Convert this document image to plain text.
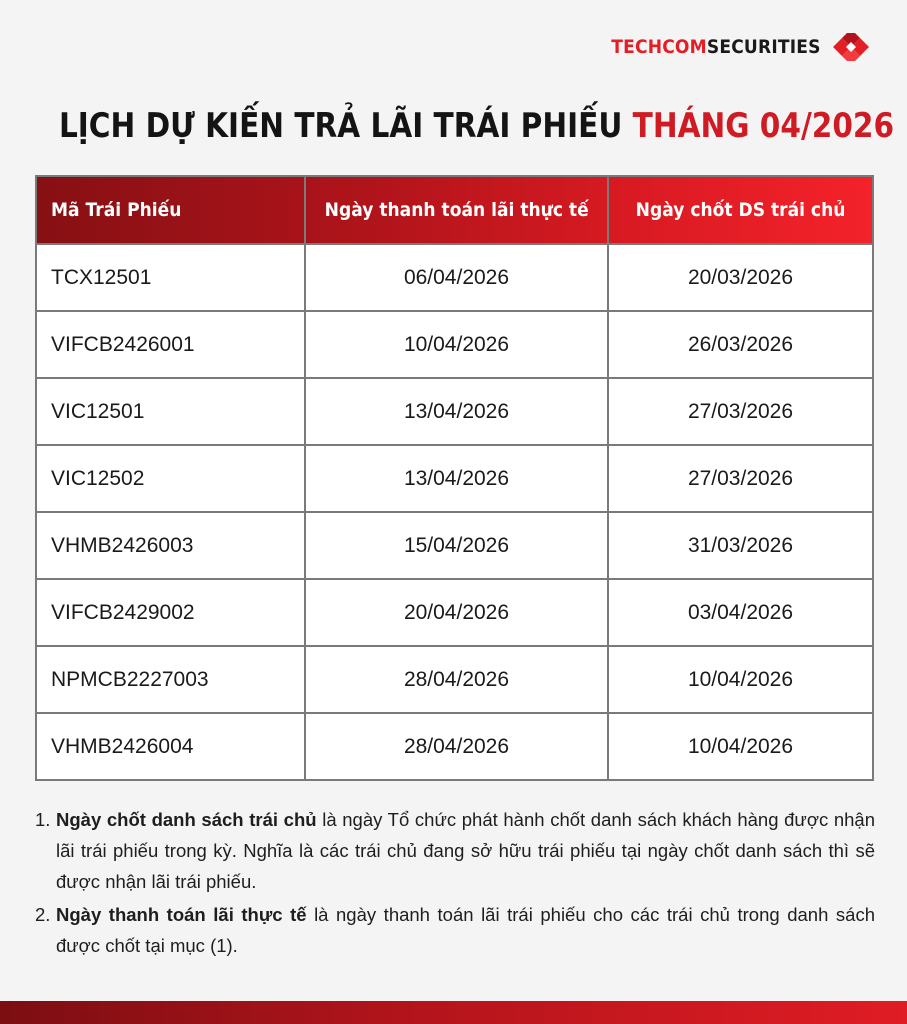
TECHCOMSECURITIES
LỊCH DỰ KIẾN TRẢ LÃI TRÁI PHIẾU THÁNG 04/2026
Mã Trái Phiếu	Ngày thanh toán lãi thực tế	Ngày chốt DS trái chủ
TCX12501	06/04/2026	20/03/2026
VIFCB2426001	10/04/2026	26/03/2026
VIC12501	13/04/2026	27/03/2026
VIC12502	13/04/2026	27/03/2026
VHMB2426003	15/04/2026	31/03/2026
VIFCB2429002	20/04/2026	03/04/2026
NPMCB2227003	28/04/2026	10/04/2026
VHMB2426004	28/04/2026	10/04/2026
1. Ngày chốt danh sách trái chủ là ngày Tổ chức phát hành chốt danh sách khách hàng được nhận lãi trái phiếu trong kỳ. Nghĩa là các trái chủ đang sở hữu trái phiếu tại ngày chốt danh sách thì sẽ được nhận lãi trái phiếu.
2. Ngày thanh toán lãi thực tế là ngày thanh toán lãi trái phiếu cho các trái chủ trong danh sách được chốt tại mục (1).
